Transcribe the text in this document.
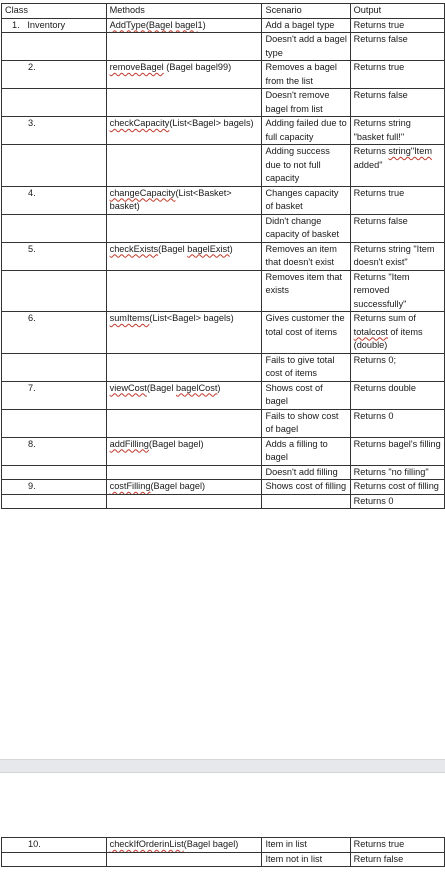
Class	Methods	Scenario	Output
1. Inventory	AddType(Bagel bagel1)	Add a bagel type	Returns true
		Doesn't add a bagel type	Returns false
2.	removeBagel (Bagel bagel99)	Removes a bagel from the list	Returns true
		Doesn't remove bagel from list	Returns false
3.	checkCapacity(List<Bagel> bagels)	Adding failed due to full capacity	Returns string "basket full!"
		Adding success due to not full capacity	Returns string"Item added"
4.	changeCapacity(List<Basket> basket)	Changes capacity of basket	Returns true
		Didn't change capacity of basket	Returns false
5.	checkExists(Bagel bagelExist)	Removes an item that doesn't exist	Returns string "Item doesn't exist"
		Removes item that exists	Returns "Item removed successfully"
6.	sumItems(List<Bagel> bagels)	Gives customer the total cost of items	Returns sum of totalcost of items (double)
		Fails to give total cost of items	Returns 0;
7.	viewCost(Bagel bagelCost)	Shows cost of bagel	Returns double
		Fails to show cost of bagel	Returns 0
8.	addFilling(Bagel bagel)	Adds a filling to bagel	Returns bagel's filling
		Doesn't add filling	Returns "no filling"
9.	costFilling(Bagel bagel)	Shows cost of filling	Returns cost of filling
			Returns 0
10.	checkIfOrderinList(Bagel bagel)	Item in list	Returns true
		Item not in list	Return false
